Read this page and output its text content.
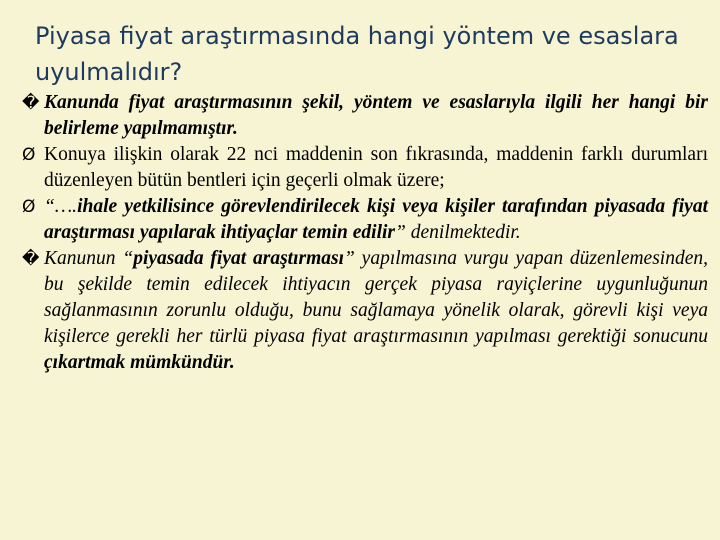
Piyasa fiyat araştırmasında hangi yöntem ve esaslara uyulmalıdır?

� Kanunda fiyat araştırmasının şekil, yöntem ve esaslarıyla ilgili her hangi bir belirleme yapılmamıştır.

Ø Konuya ilişkin olarak 22 nci maddenin son fıkrasında, maddenin farklı durumları düzenleyen bütün bentleri için geçerli olmak üzere;

Ø “….ihale yetkilisince görevlendirilecek kişi veya kişiler tarafından piyasada fiyat araştırması yapılarak ihtiyaçlar temin edilir” denilmektedir.

� Kanunun “piyasada fiyat araştırması” yapılmasına vurgu yapan düzenlemesinden, bu şekilde temin edilecek ihtiyacın gerçek piyasa rayiçlerine uygunluğunun sağlanmasının zorunlu olduğu, bunu sağlamaya yönelik olarak, görevli kişi veya kişilerce gerekli her türlü piyasa fiyat araştırmasının yapılması gerektiği sonucunu çıkartmak mümkündür.
